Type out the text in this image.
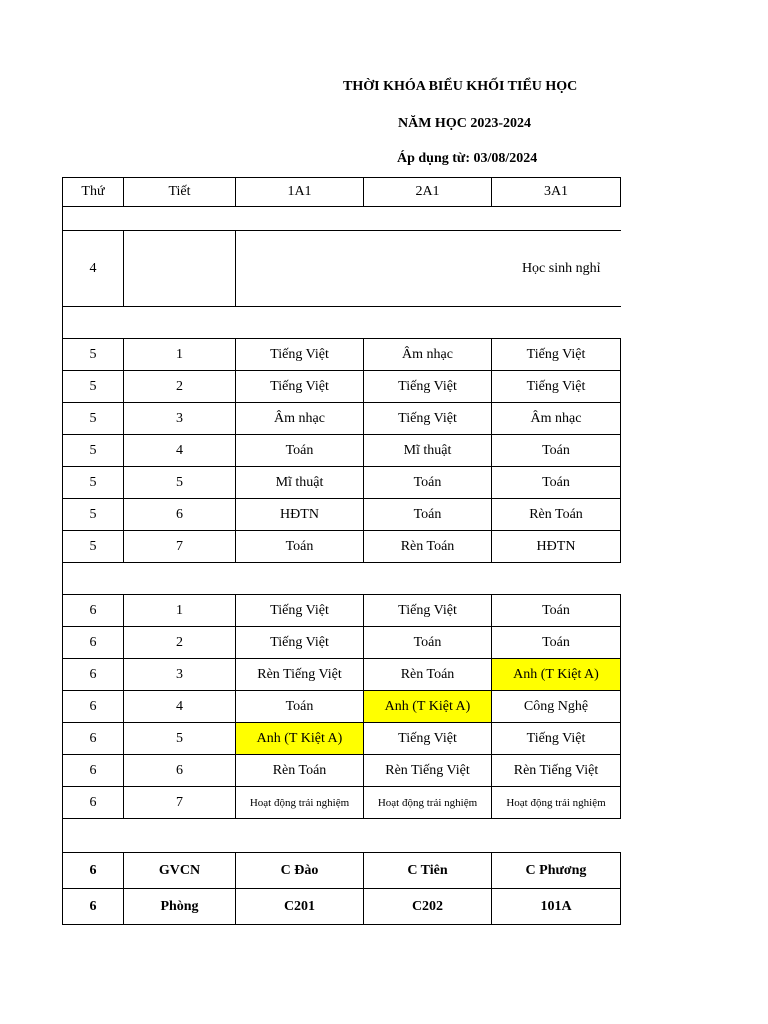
THỜI KHÓA BIỂU KHỐI TIỂU HỌC
NĂM HỌC 2023-2024
Áp dụng từ: 03/08/2024
Thứ	Tiết	1A1	2A1	3A1

4		Học sinh nghỉ		

5	1	Tiếng Việt	Âm nhạc	Tiếng Việt
5	2	Tiếng Việt	Tiếng Việt	Tiếng Việt
5	3	Âm nhạc	Tiếng Việt	Âm nhạc
5	4	Toán	Mĩ thuật	Toán
5	5	Mĩ thuật	Toán	Toán
5	6	HĐTN	Toán	Rèn Toán
5	7	Toán	Rèn Toán	HĐTN

6	1	Tiếng Việt	Tiếng Việt	Toán
6	2	Tiếng Việt	Toán	Toán
6	3	Rèn Tiếng Việt	Rèn Toán	Anh (T Kiệt A)
6	4	Toán	Anh (T Kiệt A)	Công Nghệ
6	5	Anh (T Kiệt A)	Tiếng Việt	Tiếng Việt
6	6	Rèn Toán	Rèn Tiếng Việt	Rèn Tiếng Việt
6	7	Hoạt động trải nghiệm	Hoạt động trải nghiệm	Hoạt động trải nghiệm

6	GVCN	C Đào	C Tiên	C Phương
6	Phòng	C201	C202	101A
